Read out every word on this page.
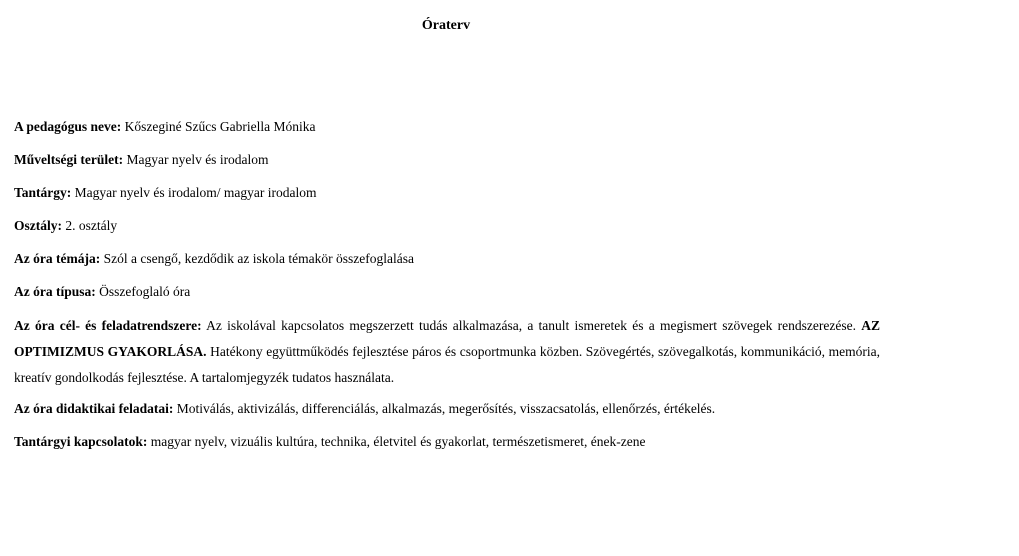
Óraterv

A pedagógus neve: Kőszeginé Szűcs Gabriella Mónika

Műveltségi terület: Magyar nyelv és irodalom

Tantárgy: Magyar nyelv és irodalom/ magyar irodalom

Osztály: 2. osztály

Az óra témája: Szól a csengő, kezdődik az iskola témakör összefoglalása

Az óra típusa: Összefoglaló óra

Az óra cél- és feladatrendszere: Az iskolával kapcsolatos megszerzett tudás alkalmazása, a tanult ismeretek és a megismert szövegek rendszerezése. AZ OPTIMIZMUS GYAKORLÁSA. Hatékony együttműködés fejlesztése páros és csoportmunka közben. Szövegértés, szövegalkotás, kommunikáció, memória, kreatív gondolkodás fejlesztése. A tartalomjegyzék tudatos használata.

Az óra didaktikai feladatai: Motiválás, aktivizálás, differenciálás, alkalmazás, megerősítés, visszacsatolás, ellenőrzés, értékelés.

Tantárgyi kapcsolatok: magyar nyelv, vizuális kultúra, technika, életvitel és gyakorlat, természetismeret, ének-zene
